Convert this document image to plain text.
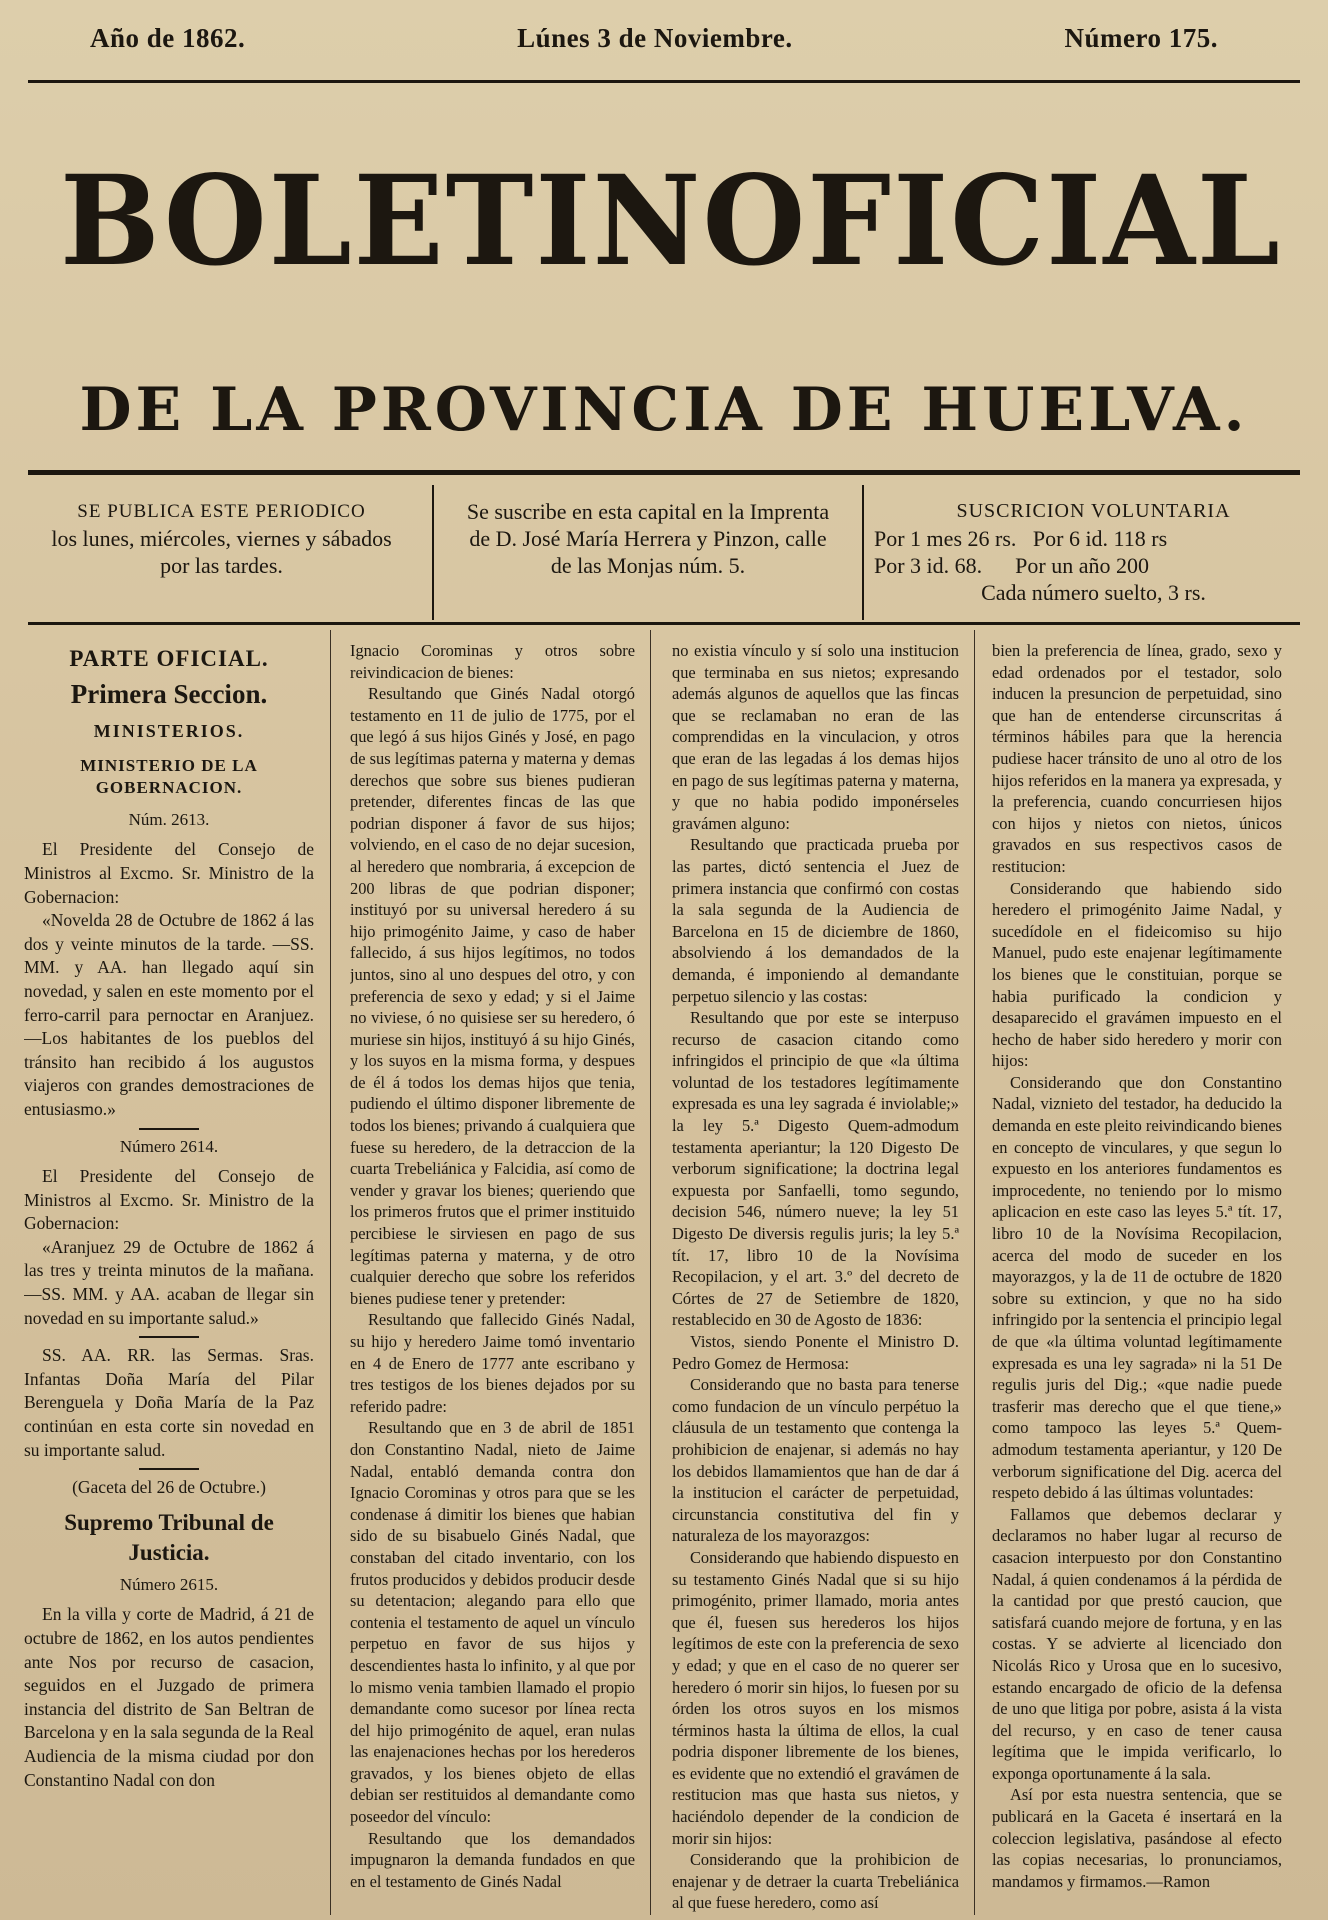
Año de 1862.	Lúnes 3 de Noviembre.	Número 175.
BOLETIN OFICIAL
DE LA PROVINCIA DE HUELVA.
SE PUBLICA ESTE PERIODICO
los lunes, miércoles, viernes y sábados
por las tardes.
Se suscribe en esta capital en la Imprenta
de D. José María Herrera y Pinzon, calle
de las Monjas núm. 5.
SUSCRICION VOLUNTARIA
Por 1 mes 26 rs.   Por 6 id. 118 rs
Por 3 id. 68.      Por un año 200
Cada número suelto, 3 rs.
PARTE OFICIAL.
Primera Seccion.
MINISTERIOS.
MINISTERIO DE LA GOBERNACION.
Núm. 2613.

El Presidente del Consejo de Ministros al Excmo. Sr. Ministro de la Gobernacion:

«Novelda 28 de Octubre de 1862 á las dos y veinte minutos de la tarde. —SS. MM. y AA. han llegado aquí sin novedad, y salen en este momento por el ferro-carril para pernoctar en Aranjuez. —Los habitantes de los pueblos del tránsito han recibido á los augustos viajeros con grandes demostraciones de entusiasmo.»

Número 2614.

El Presidente del Consejo de Ministros al Excmo. Sr. Ministro de la Gobernacion:

«Aranjuez 29 de Octubre de 1862 á las tres y treinta minutos de la mañana. —SS. MM. y AA. acaban de llegar sin novedad en su importante salud.»

SS. AA. RR. las Sermas. Sras. Infantas Doña María del Pilar Berenguela y Doña María de la Paz continúan en esta corte sin novedad en su importante salud.

(Gaceta del 26 de Octubre.)

Supremo Tribunal de Justicia.
Número 2615.

En la villa y corte de Madrid, á 21 de octubre de 1862, en los autos pendientes ante Nos por recurso de casacion, seguidos en el Juzgado de primera instancia del distrito de San Beltran de Barcelona y en la sala segunda de la Real Audiencia de la misma ciudad por don Constantino Nadal con don

Ignacio Corominas y otros sobre reivindicacion de bienes:

Resultando que Ginés Nadal otorgó testamento en 11 de julio de 1775, por el que legó á sus hijos Ginés y José, en pago de sus legítimas paterna y materna y demas derechos que sobre sus bienes pudieran pretender, diferentes fincas de las que podrian disponer á favor de sus hijos; volviendo, en el caso de no dejar sucesion, al heredero que nombraria, á excepcion de 200 libras de que podrian disponer; instituyó por su universal heredero á su hijo primogénito Jaime, y caso de haber fallecido, á sus hijos legítimos, no todos juntos, sino al uno despues del otro, y con preferencia de sexo y edad; y si el Jaime no viviese, ó no quisiese ser su heredero, ó muriese sin hijos, instituyó á su hijo Ginés, y los suyos en la misma forma, y despues de él á todos los demas hijos que tenia, pudiendo el último disponer libremente de todos los bienes; privando á cualquiera que fuese su heredero, de la detraccion de la cuarta Trebeliánica y Falcidia, así como de vender y gravar los bienes; queriendo que los primeros frutos que el primer instituido percibiese le sirviesen en pago de sus legítimas paterna y materna, y de otro cualquier derecho que sobre los referidos bienes pudiese tener y pretender:

Resultando que fallecido Ginés Nadal, su hijo y heredero Jaime tomó inventario en 4 de Enero de 1777 ante escribano y tres testigos de los bienes dejados por su referido padre:

Resultando que en 3 de abril de 1851 don Constantino Nadal, nieto de Jaime Nadal, entabló demanda contra don Ignacio Corominas y otros para que se les condenase á dimitir los bienes que habian sido de su bisabuelo Ginés Nadal, que constaban del citado inventario, con los frutos producidos y debidos producir desde su detentacion; alegando para ello que contenia el testamento de aquel un vínculo perpetuo en favor de sus hijos y descendientes hasta lo infinito, y al que por lo mismo venia tambien llamado el propio demandante como sucesor por línea recta del hijo primogénito de aquel, eran nulas las enajenaciones hechas por los herederos gravados, y los bienes objeto de ellas debian ser restituidos al demandante como poseedor del vínculo:

Resultando que los demandados impugnaron la demanda fundados en que en el testamento de Ginés Nadal

no existia vínculo y sí solo una institucion que terminaba en sus nietos; expresando además algunos de aquellos que las fincas que se reclamaban no eran de las comprendidas en la vinculacion, y otros que eran de las legadas á los demas hijos en pago de sus legítimas paterna y materna, y que no habia podido imponérseles gravámen alguno:

Resultando que practicada prueba por las partes, dictó sentencia el Juez de primera instancia que confirmó con costas la sala segunda de la Audiencia de Barcelona en 15 de diciembre de 1860, absolviendo á los demandados de la demanda, é imponiendo al demandante perpetuo silencio y las costas:

Resultando que por este se interpuso recurso de casacion citando como infringidos el principio de que «la última voluntad de los testadores legítimamente expresada es una ley sagrada é inviolable;» la ley 5.ª Digesto Quem-admodum testamenta aperiantur; la 120 Digesto De verborum significatione; la doctrina legal expuesta por Sanfaelli, tomo segundo, decision 546, número nueve; la ley 51 Digesto De diversis regulis juris; la ley 5.ª tít. 17, libro 10 de la Novísima Recopilacion, y el art. 3.º del decreto de Córtes de 27 de Setiembre de 1820, restablecido en 30 de Agosto de 1836:

Vistos, siendo Ponente el Ministro D. Pedro Gomez de Hermosa:

Considerando que no basta para tenerse como fundacion de un vínculo perpétuo la cláusula de un testamento que contenga la prohibicion de enajenar, si además no hay los debidos llamamientos que han de dar á la institucion el carácter de perpetuidad, circunstancia constitutiva del fin y naturaleza de los mayorazgos:

Considerando que habiendo dispuesto en su testamento Ginés Nadal que si su hijo primogénito, primer llamado, moria antes que él, fuesen sus herederos los hijos legítimos de este con la preferencia de sexo y edad; y que en el caso de no querer ser heredero ó morir sin hijos, lo fuesen por su órden los otros suyos en los mismos términos hasta la última de ellos, la cual podria disponer libremente de los bienes, es evidente que no extendió el gravámen de restitucion mas que hasta sus nietos, y haciéndolo depender de la condicion de morir sin hijos:

Considerando que la prohibicion de enajenar y de detraer la cuarta Trebeliánica al que fuese heredero, como así

bien la preferencia de línea, grado, sexo y edad ordenados por el testador, solo inducen la presuncion de perpetuidad, sino que han de entenderse circunscritas á términos hábiles para que la herencia pudiese hacer tránsito de uno al otro de los hijos referidos en la manera ya expresada, y la preferencia, cuando concurriesen hijos con hijos y nietos con nietos, únicos gravados en sus respectivos casos de restitucion:

Considerando que habiendo sido heredero el primogénito Jaime Nadal, y sucedídole en el fideicomiso su hijo Manuel, pudo este enajenar legítimamente los bienes que le constituian, porque se habia purificado la condicion y desaparecido el gravámen impuesto en el hecho de haber sido heredero y morir con hijos:

Considerando que don Constantino Nadal, viznieto del testador, ha deducido la demanda en este pleito reivindicando bienes en concepto de vinculares, y que segun lo expuesto en los anteriores fundamentos es improcedente, no teniendo por lo mismo aplicacion en este caso las leyes 5.ª tít. 17, libro 10 de la Novísima Recopilacion, acerca del modo de suceder en los mayorazgos, y la de 11 de octubre de 1820 sobre su extincion, y que no ha sido infringido por la sentencia el principio legal de que «la última voluntad legítimamente expresada es una ley sagrada» ni la 51 De regulis juris del Dig.; «que nadie puede trasferir mas derecho que el que tiene,» como tampoco las leyes 5.ª Quem-admodum testamenta aperiantur, y 120 De verborum significatione del Dig. acerca del respeto debido á las últimas voluntades:

Fallamos que debemos declarar y declaramos no haber lugar al recurso de casacion interpuesto por don Constantino Nadal, á quien condenamos á la pérdida de la cantidad por que prestó caucion, que satisfará cuando mejore de fortuna, y en las costas. Y se advierte al licenciado don Nicolás Rico y Urosa que en lo sucesivo, estando encargado de oficio de la defensa de uno que litiga por pobre, asista á la vista del recurso, y en caso de tener causa legítima que le impida verificarlo, lo exponga oportunamente á la sala.

Así por esta nuestra sentencia, que se publicará en la Gaceta é insertará en la coleccion legislativa, pasándose al efecto las copias necesarias, lo pronunciamos, mandamos y firmamos.—Ramon
